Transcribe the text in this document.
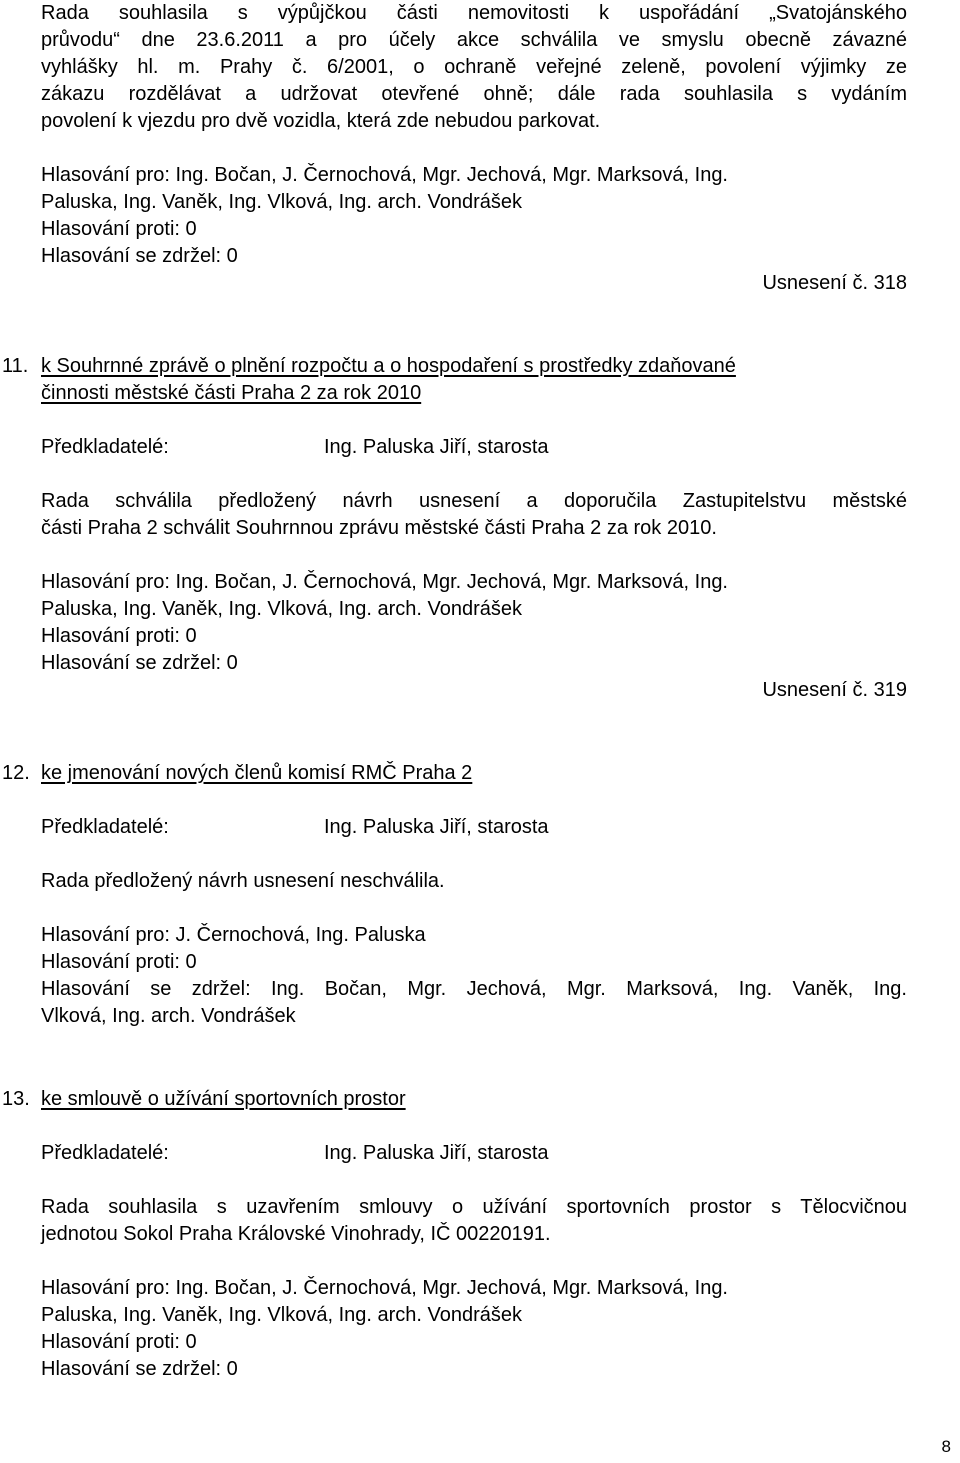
Rada souhlasila s výpůjčkou části nemovitosti k uspořádání „Svatojánského
průvodu“ dne 23.6.2011 a pro účely akce schválila ve smyslu obecně závazné
vyhlášky hl. m. Prahy č. 6/2001, o ochraně veřejné zeleně, povolení výjimky ze
zákazu rozdělávat a udržovat otevřené ohně; dále rada souhlasila s vydáním
povolení k vjezdu pro dvě vozidla, která zde nebudou parkovat.
Hlasování pro: Ing. Bočan, J. Černochová, Mgr. Jechová, Mgr. Marksová, Ing.
Paluska, Ing. Vaněk, Ing. Vlková, Ing. arch. Vondrášek
Hlasování proti: 0
Hlasování se zdržel: 0
Usnesení č. 318
11. k Souhrnné zprávě o plnění rozpočtu a o hospodaření s prostředky zdaňované
činnosti městské části Praha 2 za rok 2010
Předkladatelé:	Ing. Paluska Jiří, starosta
Rada schválila předložený návrh usnesení a doporučila Zastupitelstvu městské
části Praha 2 schválit Souhrnnou zprávu městské části Praha 2 za rok 2010.
Hlasování pro: Ing. Bočan, J. Černochová, Mgr. Jechová, Mgr. Marksová, Ing.
Paluska, Ing. Vaněk, Ing. Vlková, Ing. arch. Vondrášek
Hlasování proti: 0
Hlasování se zdržel: 0
Usnesení č. 319
12. ke jmenování nových členů komisí RMČ Praha 2
Předkladatelé:	Ing. Paluska Jiří, starosta
Rada předložený návrh usnesení neschválila.
Hlasování pro: J. Černochová, Ing. Paluska
Hlasování proti: 0
Hlasování se zdržel: Ing. Bočan, Mgr. Jechová, Mgr. Marksová, Ing. Vaněk, Ing.
Vlková, Ing. arch. Vondrášek
13. ke smlouvě o užívání sportovních prostor
Předkladatelé:	Ing. Paluska Jiří, starosta
Rada souhlasila s uzavřením smlouvy o užívání sportovních prostor s Tělocvičnou
jednotou Sokol Praha Královské Vinohrady, IČ 00220191.
Hlasování pro: Ing. Bočan, J. Černochová, Mgr. Jechová, Mgr. Marksová, Ing.
Paluska, Ing. Vaněk, Ing. Vlková, Ing. arch. Vondrášek
Hlasování proti: 0
Hlasování se zdržel: 0
8
